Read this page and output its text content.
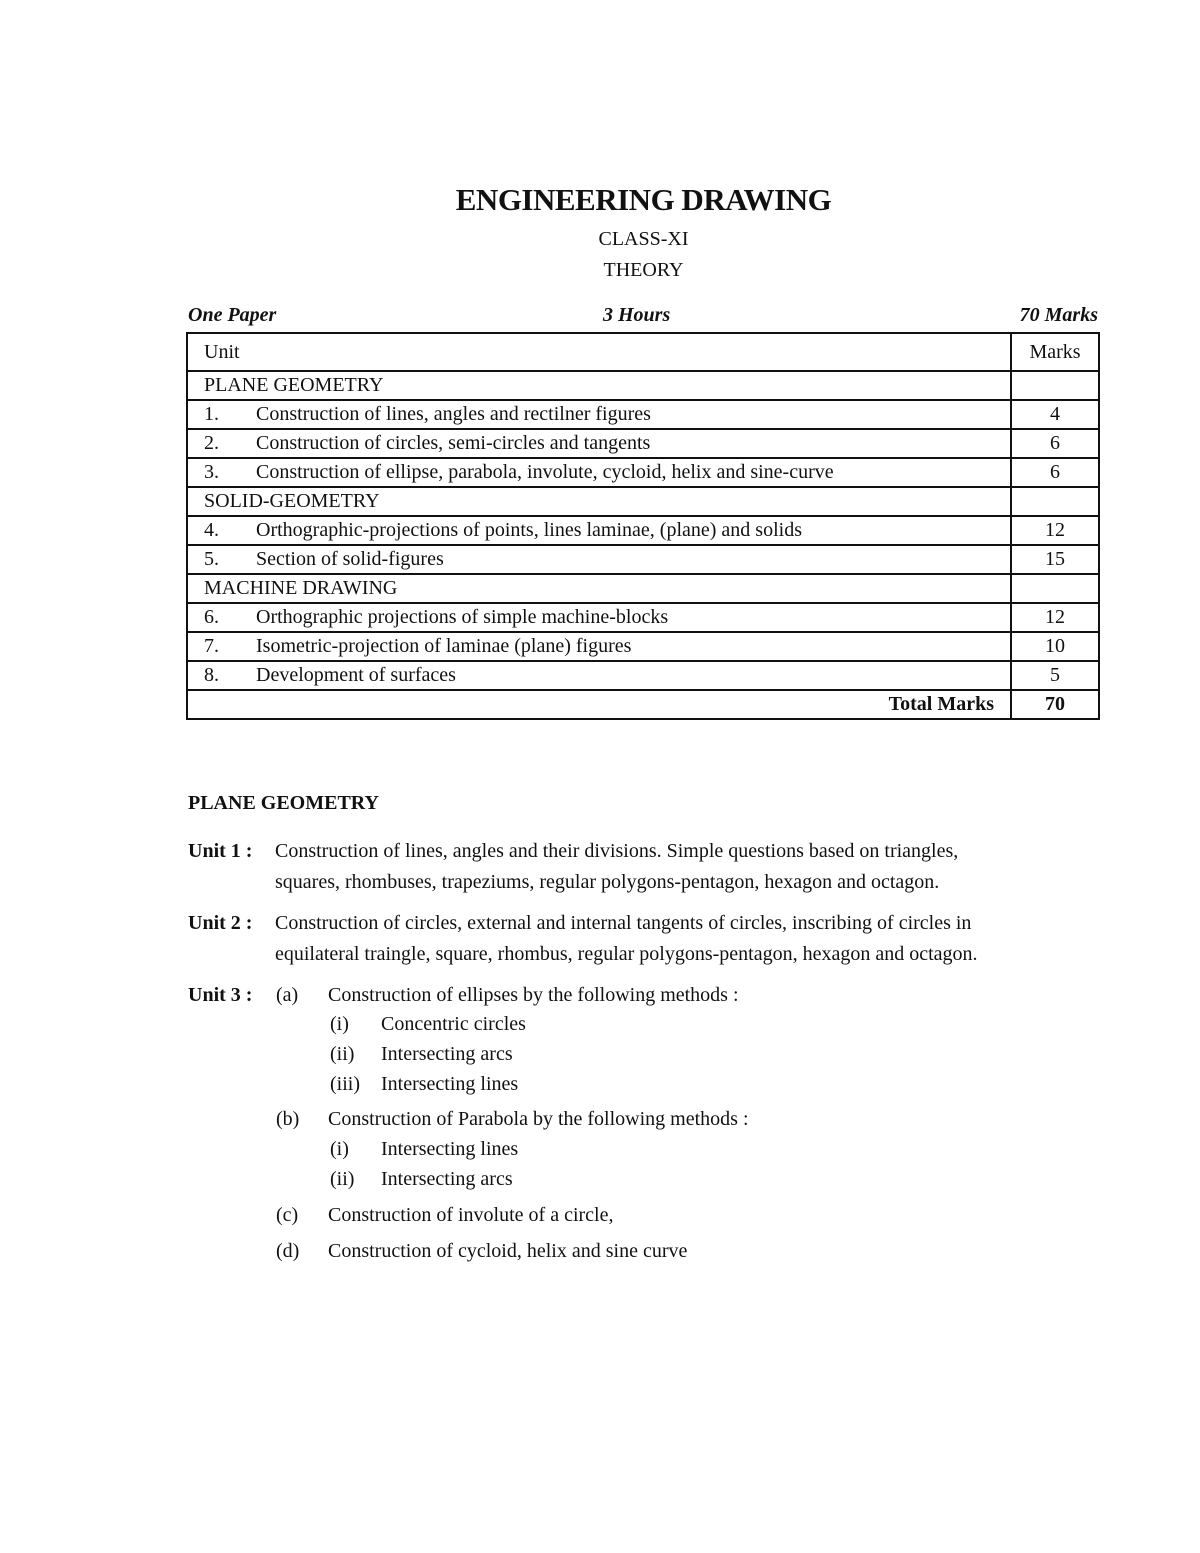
ENGINEERING DRAWING
CLASS-XI
THEORY
One Paper	3 Hours	70 Marks
Unit	Marks
PLANE GEOMETRY	
1. Construction of lines, angles and rectilner figures	4
2. Construction of circles, semi-circles and tangents	6
3. Construction of ellipse, parabola, involute, cycloid, helix and sine-curve	6
SOLID-GEOMETRY	
4. Orthographic-projections of points, lines laminae, (plane) and solids	12
5. Section of solid-figures	15
MACHINE DRAWING	
6. Orthographic projections of simple machine-blocks	12
7. Isometric-projection of laminae (plane) figures	10
8. Development of surfaces	5
Total Marks	70
PLANE GEOMETRY
Unit 1 : Construction of lines, angles and their divisions. Simple questions based on triangles, squares, rhombuses, trapeziums, regular polygons-pentagon, hexagon and octagon.
Unit 2 : Construction of circles, external and internal tangents of circles, inscribing of circles in equilateral traingle, square, rhombus, regular polygons-pentagon, hexagon and octagon.
Unit 3 : (a) Construction of ellipses by the following methods :
(i) Concentric circles
(ii) Intersecting arcs
(iii) Intersecting lines
(b) Construction of Parabola by the following methods :
(i) Intersecting lines
(ii) Intersecting arcs
(c) Construction of involute of a circle,
(d) Construction of cycloid, helix and sine curve
